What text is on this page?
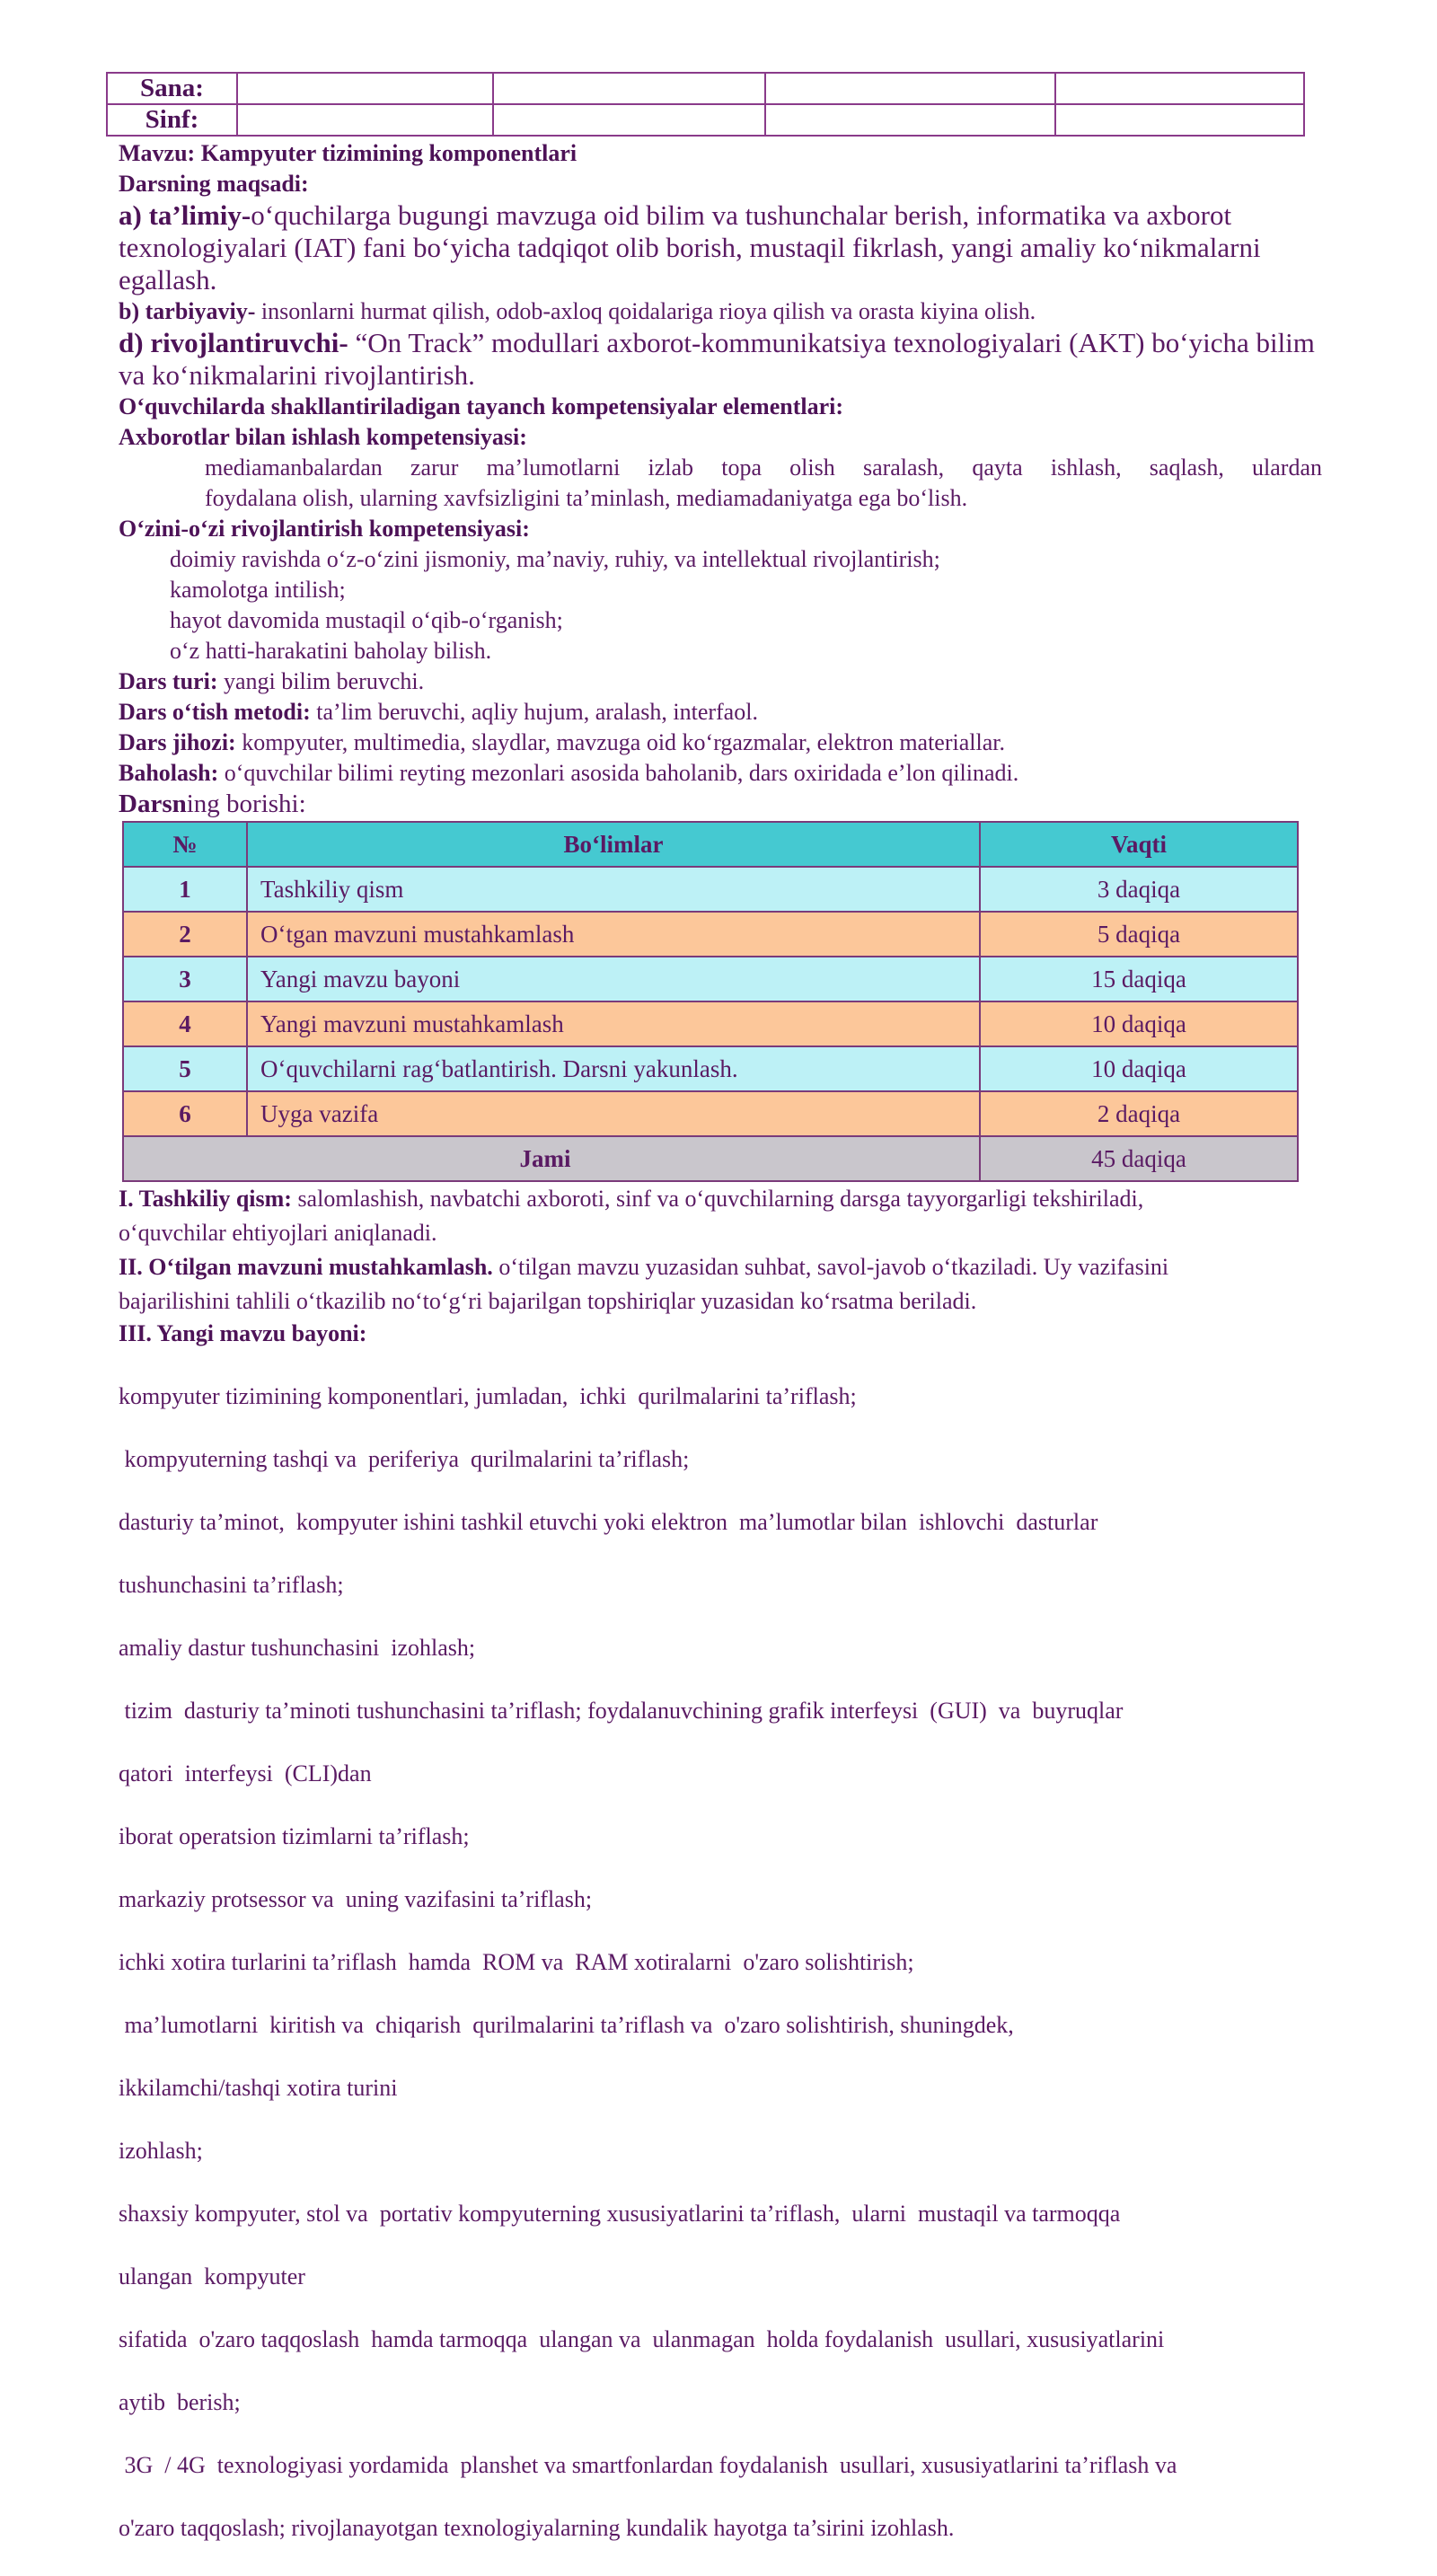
Sana:				
Sinf:				

Mavzu: Kampyuter tizimining komponentlari

Darsning maqsadi:

a) ta’limiy-o‘quchilarga bugungi mavzuga oid bilim va tushunchalar berish, informatika va axborot texnologiyalari (IAT) fani bo‘yicha tadqiqot olib borish, mustaqil fikrlash, yangi amaliy ko‘nikmalarni egallash.

b) tarbiyaviy- insonlarni hurmat qilish, odob-axloq qoidalariga rioya qilish va orasta kiyina olish.

d) rivojlantiruvchi- “On Track” modullari axborot-kommunikatsiya texnologiyalari (AKT) bo‘yicha bilim va ko‘nikmalarini rivojlantirish.

O‘quvchilarda shakllantiriladigan tayanch kompetensiyalar elementlari:

Axborotlar bilan ishlash kompetensiyasi:

mediamanbalardan zarur ma’lumotlarni izlab topa olish saralash, qayta ishlash, saqlash, ulardan

foydalana olish, ularning xavfsizligini ta’minlash, mediamadaniyatga ega bo‘lish.

O‘zini-o‘zi rivojlantirish kompetensiyasi:

doimiy ravishda o‘z-o‘zini jismoniy, ma’naviy, ruhiy, va intellektual rivojlantirish;

kamolotga intilish;

hayot davomida mustaqil o‘qib-o‘rganish;

o‘z hatti-harakatini baholay bilish.

Dars turi: yangi bilim beruvchi.

Dars o‘tish metodi: ta’lim beruvchi, aqliy hujum, aralash, interfaol.

Dars jihozi: kompyuter, multimedia, slaydlar, mavzuga oid ko‘rgazmalar, elektron materiallar.

Baholash: o‘quvchilar bilimi reyting mezonlari asosida baholanib, dars oxiridada e’lon qilinadi.

Darsning borishi:

№	Bo‘limlar	Vaqti
1	Tashkiliy qism	3 daqiqa
2	O‘tgan mavzuni mustahkamlash	5 daqiqa
3	Yangi mavzu bayoni	15 daqiqa
4	Yangi mavzuni mustahkamlash	10 daqiqa
5	O‘quvchilarni rag‘batlantirish. Darsni yakunlash.	10 daqiqa
6	Uyga vazifa	2 daqiqa
Jami		45 daqiqa

I. Tashkiliy qism: salomlashish, navbatchi axboroti, sinf va o‘quvchilarning darsga tayyorgarligi tekshiriladi,

o‘quvchilar ehtiyojlari aniqlanadi.

II. O‘tilgan mavzuni mustahkamlash. o‘tilgan mavzu yuzasidan suhbat, savol-javob o‘tkaziladi. Uy vazifasini

bajarilishini tahlili o‘tkazilib no‘to‘g‘ri bajarilgan topshiriqlar yuzasidan ko‘rsatma beriladi.

III. Yangi mavzu bayoni:

kompyuter tizimining komponentlari, jumladan,  ichki  qurilmalarini ta’riflash;

kompyuterning tashqi va  periferiya  qurilmalarini ta’riflash;

dasturiy ta’minot,  kompyuter ishini tashkil etuvchi yoki elektron  ma’lumotlar bilan  ishlovchi  dasturlar

tushunchasini ta’riflash;

amaliy dastur tushunchasini  izohlash;

tizim  dasturiy ta’minoti tushunchasini ta’riflash; foydalanuvchining grafik interfeysi  (GUI)  va  buyruqlar

qatori  interfeysi  (CLI)dan

iborat operatsion tizimlarni ta’riflash;

markaziy protsessor va  uning vazifasini ta’riflash;

ichki xotira turlarini ta’riflash  hamda  ROM va  RAM xotiralarni  o'zaro solishtirish;

ma’lumotlarni  kiritish va  chiqarish  qurilmalarini ta’riflash va  o'zaro solishtirish, shuningdek,

ikkilamchi/tashqi xotira turini

izohlash;

shaxsiy kompyuter, stol va  portativ kompyuterning xususiyatlarini ta’riflash,  ularni  mustaqil va tarmoqqa

ulangan  kompyuter

sifatida  o'zaro taqqoslash  hamda tarmoqqa  ulangan va  ulanmagan  holda foydalanish  usullari, xususiyatlarini

aytib  berish;

3G  / 4G  texnologiyasi yordamida  planshet va smartfonlardan foydalanish  usullari, xususiyatlarini ta’riflash va

o'zaro taqqoslash; rivojlanayotgan texnologiyalarning kundalik hayotga ta’sirini izohlash.
